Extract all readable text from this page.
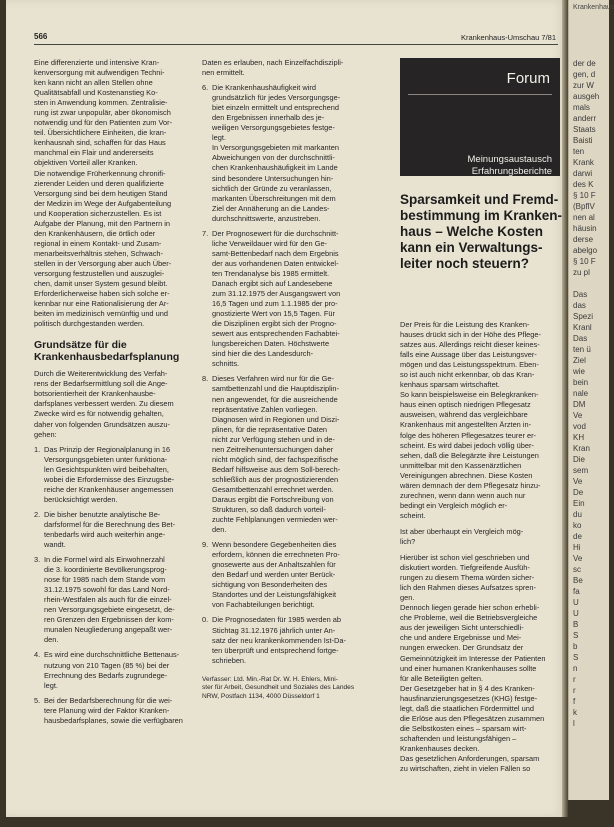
566	Krankenhaus-Umschau 7/81

Eine differenzierte und intensive Kran-

kenversorgung mit aufwendigen Techni-

ken kann nicht an allen Stellen ohne

Qualitätsabfall und Kostenanstieg Ko-

sten in Anwendung kommen. Zentralisie-

rung ist zwar unpopulär, aber ökonomisch

notwendig und für den Patienten zum Vor-

teil. Übersichtlichere Einheiten, die kran-

kenhausnah sind, schaffen für das Haus

manchmal ein Flair und andererseits

objektiven Vorteil aller Kranken.

Die notwendige Früherkennung chronifi-

zierender Leiden und deren qualifizierte

Versorgung sind bei dem heutigen Stand

der Medizin im Wege der Aufgabenteilung

und Kooperation sicherzustellen. Es ist

Aufgabe der Planung, mit den Partnern in

den Krankenhäusern, die örtlich oder

regional in einem Kontakt- und Zusam-

menarbeitsverhältnis stehen, Schwach-

stellen in der Versorgung aber auch Über-

versorgung festzustellen und auszuglei-

chen, damit unser System gesund bleibt.

Erforderlicherweise haben sich solche er-

kennbar nur eine Rationalisierung der Ar-

beiten im medizinisch vernünftig und und

politisch durchgestanden werden.

Grundsätze für die
Krankenhausbedarfsplanung

Durch die Weiterentwicklung des Verfah-

rens der Bedarfsermittlung soll die Ange-

botsorientierheit der Krankenhausbe-

darfsplanes verbessert werden. Zu diesem

Zwecke wird es für notwendig gehalten,

daher von folgenden Grundsätzen auszu-

gehen:

1. Das Prinzip der Regionalplanung in 16

Versorgungsgebieten unter funktiona-

len Gesichtspunkten wird beibehalten,

wobei die Erfordernisse des Einzugsbe-

reiche der Krankenhäuser angemessen

berücksichtigt werden.

2. Die bisher benutzte analytische Be-

darfsformel für die Berechnung des Bet-

tenbedarfs wird auch weiterhin ange-

wandt.

3. In die Formel wird als Einwohnerzahl

die 3. koordinierte Bevölkerungsprog-

nose für 1985 nach dem Stande vom

31.12.1975 sowohl für das Land Nord-

rhein-Westfalen als auch für die einzel-

nen Versorgungsgebiete eingesetzt, de-

ren Grenzen den Ergebnissen der kom-

munalen Neugliederung angepaßt wer-

den.

4. Es wird eine durchschnittliche Bettenaus-

nutzung von 210 Tagen (85 %) bei der

Errechnung des Bedarfs zugrundege-

legt.

5. Bei der Bedarfsberechnung für die wei-

tere Planung wird der Faktor Kranken-

hausbedarfsplanes, sowie die verfügbaren

Daten es erlauben, nach Einzelfachdiszipli-

nen ermittelt.

6. Die Krankenhaushäufigkeit wird

grundsätzlich für jedes Versorgungsge-

biet einzeln ermittelt und entsprechend

den Ergebnissen innerhalb des je-

weiligen Versorgungsgebietes festge-

legt.

In Versorgungsgebieten mit markanten

Abweichungen von der durchschnittli-

chen Krankenhaushäufigkeit im Lande

sind besondere Untersuchungen hin-

sichtlich der Gründe zu veranlassen,

markanten Überschreitungen mit dem

Ziel der Annäherung an die Landes-

durchschnittswerte, anzustreben.

7. Der Prognosewert für die durchschnitt-

liche Verweildauer wird für den Ge-

samt-Bettenbedarf nach dem Ergebnis

der aus vorhandenen Daten entwickel-

ten Trendanalyse bis 1985 ermittelt.

Danach ergibt sich auf Landesebene

zum 31.12.1975 der Ausgangswert von

16,5 Tagen und zum 1.1.1985 der pro-

gnostizierte Wert von 15,5 Tagen. Für

die Disziplinen ergibt sich der Progno-

sewert aus entsprechenden Fachabtei-

lungsbereichen Daten. Höchstwerte

sind hier die des Landesdurch-

schnitts.

8. Dieses Verfahren wird nur für die Ge-

samtbettenzahl und die Hauptdisziplin-

nen angewendet, für die ausreichende

repräsentative Zahlen vorliegen.

Diagnosen wird in Regionen und Diszi-

plinen, für die repräsentative Daten

nicht zur Verfügung stehen und in de-

nen Zeitreihenuntersuchungen daher

nicht möglich sind, der fachspezifische

Bedarf hilfsweise aus dem Soll-berech-

schließlich aus der prognostizierenden

Gesamtbettenzahl errechnet werden.

Daraus ergibt die Fortschreibung von

Strukturen, so daß dadurch vorteil-

zuchte Fehlplanungen vermieden wer-

den.

9. Wenn besondere Gegebenheiten dies

erfordern, können die errechneten Pro-

gnosewerte aus der Anhaltszahlen für

den Bedarf und werden unter Berück-

sichtigung von Besonderheiten des

Standortes und der Leistungsfähigkeit

von Fachabteilungen berichtigt.

0. Die Prognosedaten für 1985 werden ab

Stichtag 31.12.1976 jährlich unter An-

satz der neu krankenkommenden Ist-Da-

ten überprüft und entsprechend fortge-

schrieben.

Verfasser: Ltd. Min.-Rat Dr. W. H. Ehlers, Mini-

ster für Arbeit, Gesundheit und Soziales des Landes

NRW, Postfach 1134, 4000 Düsseldorf 1

Forum
Meinungsaustausch
Erfahrungsberichte

Sparsamkeit und Fremd-

bestimmung im Kranken-

haus – Welche Kosten

kann ein Verwaltungs-

leiter noch steuern?

Der Preis für die Leistung des Kranken-

hauses drückt sich in der Höhe des Pflege-

satzes aus. Allerdings reicht dieser keines-

falls eine Aussage über das Leistungsver-

mögen und das Leistungsspektrum. Eben-

so ist auch nicht erkennbar, ob das Kran-

kenhaus sparsam wirtschaftet.

So kann beispielsweise ein Belegkranken-

haus einen optisch niedrigen Pflegesatz

ausweisen, während das vergleichbare

Krankenhaus mit angestellten Ärzten in-

folge des höheren Pflegesatzes teurer er-

scheint. Es wird dabei jedoch völlig über-

sehen, daß die Belegärzte ihre Leistungen

unmittelbar mit den Kassenärztlichen

Vereinigungen abrechnen. Diese Kosten

wären demnach der dem Pflegesatz hinzu-

zurechnen, wenn dann wenn auch nur

bedingt ein Vergleich möglich er-

scheint.

Ist aber überhaupt ein Vergleich mög-

lich?

Hierüber ist schon viel geschrieben und

diskutiert worden. Tiefgreifende Ausfüh-

rungen zu diesem Thema würden sicher-

lich den Rahmen dieses Aufsatzes spren-

gen.

Dennoch liegen gerade hier schon erhebli-

che Probleme, weil die Betriebsvergleiche

aus der jeweiligen Sicht unterschiedli-

che und andere Ergebnisse und Mei-

nungen erwecken. Der Grundsatz der

Gemeinnützigkeit im Interesse der Patienten

und einer humanen Krankenhauses sollte

für alle Beteiligten gelten.

Der Gesetzgeber hat in § 4 des Kranken-

hausfinanzierungsgesetzes (KHG) festge-

legt, daß die staatlichen Fördermittel und

die Erlöse aus den Pflegesätzen zusammen

die Selbstkosten eines – sparsam wirt-

schaftenden und leistungsfähigen –

Krankenhauses decken.

Das gesetzlichen Anforderungen, sparsam

zu wirtschaften, zieht in vielen Fällen so

Krankenhaus
der de
gen, d
zur W
ausgeh
mals
anderr
Staats
Baisti
ten
Krank
darwi
des K
§ 10 F
(BpflV
nen al
häusin
derse
abelgo
§ 10 F
zu pl

Das
das
Spezi
Kranl
Das
ten ü
Ziel
wie
bein
nale
DM
Ve
vod
KH
Kran
Die
sem
Ve
De
Ein
du
ko
de
Hi
Ve
sc
Be
fa
U
U
B
S
b
S
n
r
r
f
k
l
